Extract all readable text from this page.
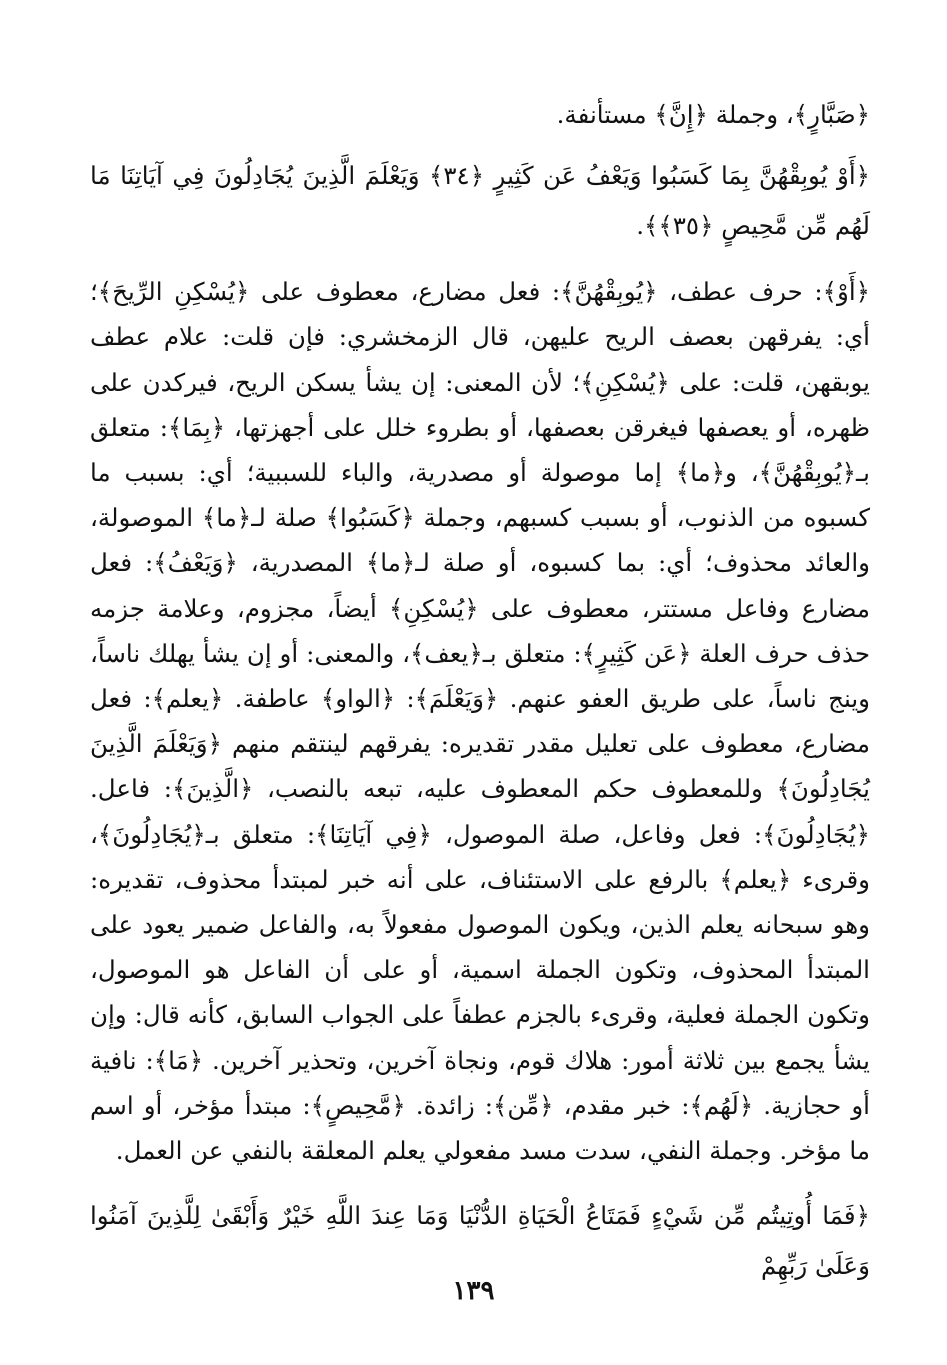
﴿صَبَّارٍ﴾، وجملة ﴿إِنَّ﴾ مستأنفة.

﴿أَوْ يُوبِقْهُنَّ بِمَا كَسَبُوا وَيَعْفُ عَن كَثِيرٍ ﴿٣٤﴾ وَيَعْلَمَ الَّذِينَ يُجَادِلُونَ فِي آيَاتِنَا مَا لَهُم مِّن مَّحِيصٍ ﴿٣٥﴾﴾.

﴿أَوْ﴾: حرف عطف، ﴿يُوبِقْهُنَّ﴾: فعل مضارع، معطوف على ﴿يُسْكِنِ الرِّيحَ﴾؛ أي: يفرقهن بعصف الريح عليهن، قال الزمخشري: فإن قلت: علام عطف يوبقهن، قلت: على ﴿يُسْكِنِ﴾؛ لأن المعنى: إن يشأ يسكن الريح، فيركدن على ظهره، أو يعصفها فيغرقن بعصفها، أو بطروء خلل على أجهزتها، ﴿بِمَا﴾: متعلق بـ﴿يُوبِقْهُنَّ﴾، و﴿ما﴾ إما موصولة أو مصدرية، والباء للسببية؛ أي: بسبب ما كسبوه من الذنوب، أو بسبب كسبهم، وجملة ﴿كَسَبُوا﴾ صلة لـ﴿ما﴾ الموصولة، والعائد محذوف؛ أي: بما كسبوه، أو صلة لـ﴿ما﴾ المصدرية، ﴿وَيَعْفُ﴾: فعل مضارع وفاعل مستتر، معطوف على ﴿يُسْكِنِ﴾ أيضاً، مجزوم، وعلامة جزمه حذف حرف العلة ﴿عَن كَثِيرٍ﴾: متعلق بـ﴿يعف﴾، والمعنى: أو إن يشأ يهلك ناساً، وينج ناساً، على طريق العفو عنهم. ﴿وَيَعْلَمَ﴾: ﴿الواو﴾ عاطفة. ﴿يعلم﴾: فعل مضارع، معطوف على تعليل مقدر تقديره: يفرقهم لينتقم منهم ﴿وَيَعْلَمَ الَّذِينَ يُجَادِلُونَ﴾ وللمعطوف حكم المعطوف عليه، تبعه بالنصب، ﴿الَّذِينَ﴾: فاعل. ﴿يُجَادِلُونَ﴾: فعل وفاعل، صلة الموصول، ﴿فِي آيَاتِنَا﴾: متعلق بـ﴿يُجَادِلُونَ﴾، وقرىء ﴿يعلم﴾ بالرفع على الاستئناف، على أنه خبر لمبتدأ محذوف، تقديره: وهو سبحانه يعلم الذين، ويكون الموصول مفعولاً به، والفاعل ضمير يعود على المبتدأ المحذوف، وتكون الجملة اسمية، أو على أن الفاعل هو الموصول، وتكون الجملة فعلية، وقرىء بالجزم عطفاً على الجواب السابق، كأنه قال: وإن يشأ يجمع بين ثلاثة أمور: هلاك قوم، ونجاة آخرين، وتحذير آخرين. ﴿مَا﴾: نافية أو حجازية. ﴿لَهُم﴾: خبر مقدم، ﴿مِّن﴾: زائدة. ﴿مَّحِيصٍ﴾: مبتدأ مؤخر، أو اسم ما مؤخر. وجملة النفي، سدت مسد مفعولي يعلم المعلقة بالنفي عن العمل.

﴿فَمَا أُوتِيتُم مِّن شَيْءٍ فَمَتَاعُ الْحَيَاةِ الدُّنْيَا وَمَا عِندَ اللَّهِ خَيْرٌ وَأَبْقَىٰ لِلَّذِينَ آمَنُوا وَعَلَىٰ رَبِّهِمْ

١٣٩
